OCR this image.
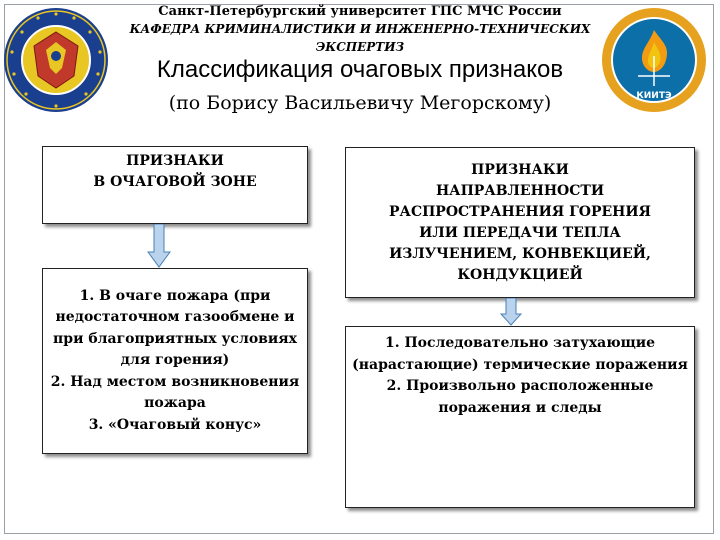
КИИТЭ
Санкт-Петербургский университет ГПС МЧС России
КАФЕДРА КРИМИНАЛИСТИКИ И ИНЖЕНЕРНО-ТЕХНИЧЕСКИХ
ЭКСПЕРТИЗ
Классификация очаговых признаков
(по Борису Васильевичу Мегорскому)
ПРИЗНАКИ
В ОЧАГОВОЙ ЗОНЕ
1. В очаге пожара (при недостаточном газообмене и при благоприятных условиях для горения)
2. Над местом возникновения пожара
3. «Очаговый конус»
ПРИЗНАКИ
НАПРАВЛЕННОСТИ
РАСПРОСТРАНЕНИЯ ГОРЕНИЯ
ИЛИ ПЕРЕДАЧИ ТЕПЛА
ИЗЛУЧЕНИЕМ, КОНВЕКЦИЕЙ,
КОНДУКЦИЕЙ
1. Последовательно затухающие (нарастающие) термические поражения
2. Произвольно расположенные поражения и следы
